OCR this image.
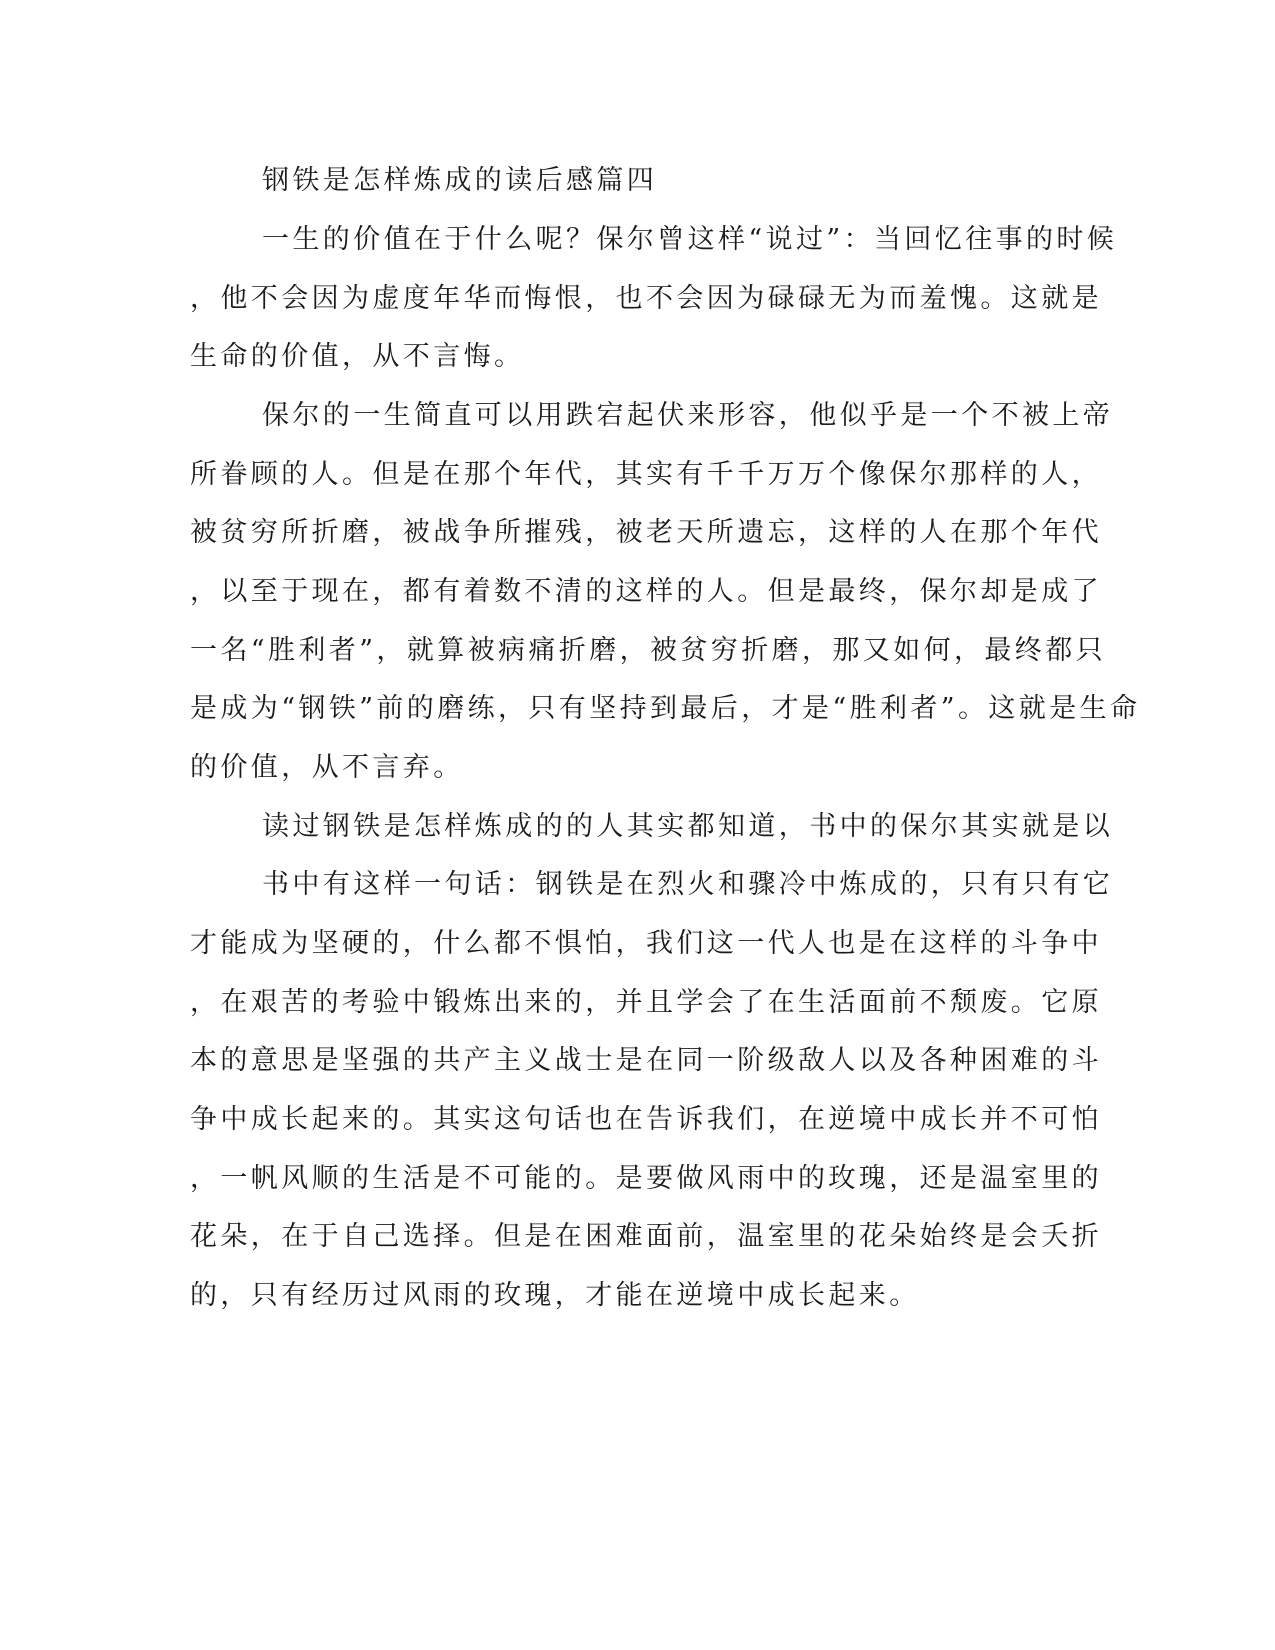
钢铁是怎样炼成的读后感篇四
一生的价值在于什么呢？保尔曾这样“说过”：当回忆往事的时候
，他不会因为虚度年华而悔恨，也不会因为碌碌无为而羞愧。这就是
生命的价值，从不言悔。
保尔的一生简直可以用跌宕起伏来形容，他似乎是一个不被上帝
所眷顾的人。但是在那个年代，其实有千千万万个像保尔那样的人，
被贫穷所折磨，被战争所摧残，被老天所遗忘，这样的人在那个年代
，以至于现在，都有着数不清的这样的人。但是最终，保尔却是成了
一名“胜利者”，就算被病痛折磨，被贫穷折磨，那又如何，最终都只
是成为“钢铁”前的磨练，只有坚持到最后，才是“胜利者”。这就是生命
的价值，从不言弃。
读过钢铁是怎样炼成的的人其实都知道，书中的保尔其实就是以
书中有这样一句话：钢铁是在烈火和骤冷中炼成的，只有只有它
才能成为坚硬的，什么都不惧怕，我们这一代人也是在这样的斗争中
，在艰苦的考验中锻炼出来的，并且学会了在生活面前不颓废。它原
本的意思是坚强的共产主义战士是在同一阶级敌人以及各种困难的斗
争中成长起来的。其实这句话也在告诉我们，在逆境中成长并不可怕
，一帆风顺的生活是不可能的。是要做风雨中的玫瑰，还是温室里的
花朵，在于自己选择。但是在困难面前，温室里的花朵始终是会夭折
的，只有经历过风雨的玫瑰，才能在逆境中成长起来。
